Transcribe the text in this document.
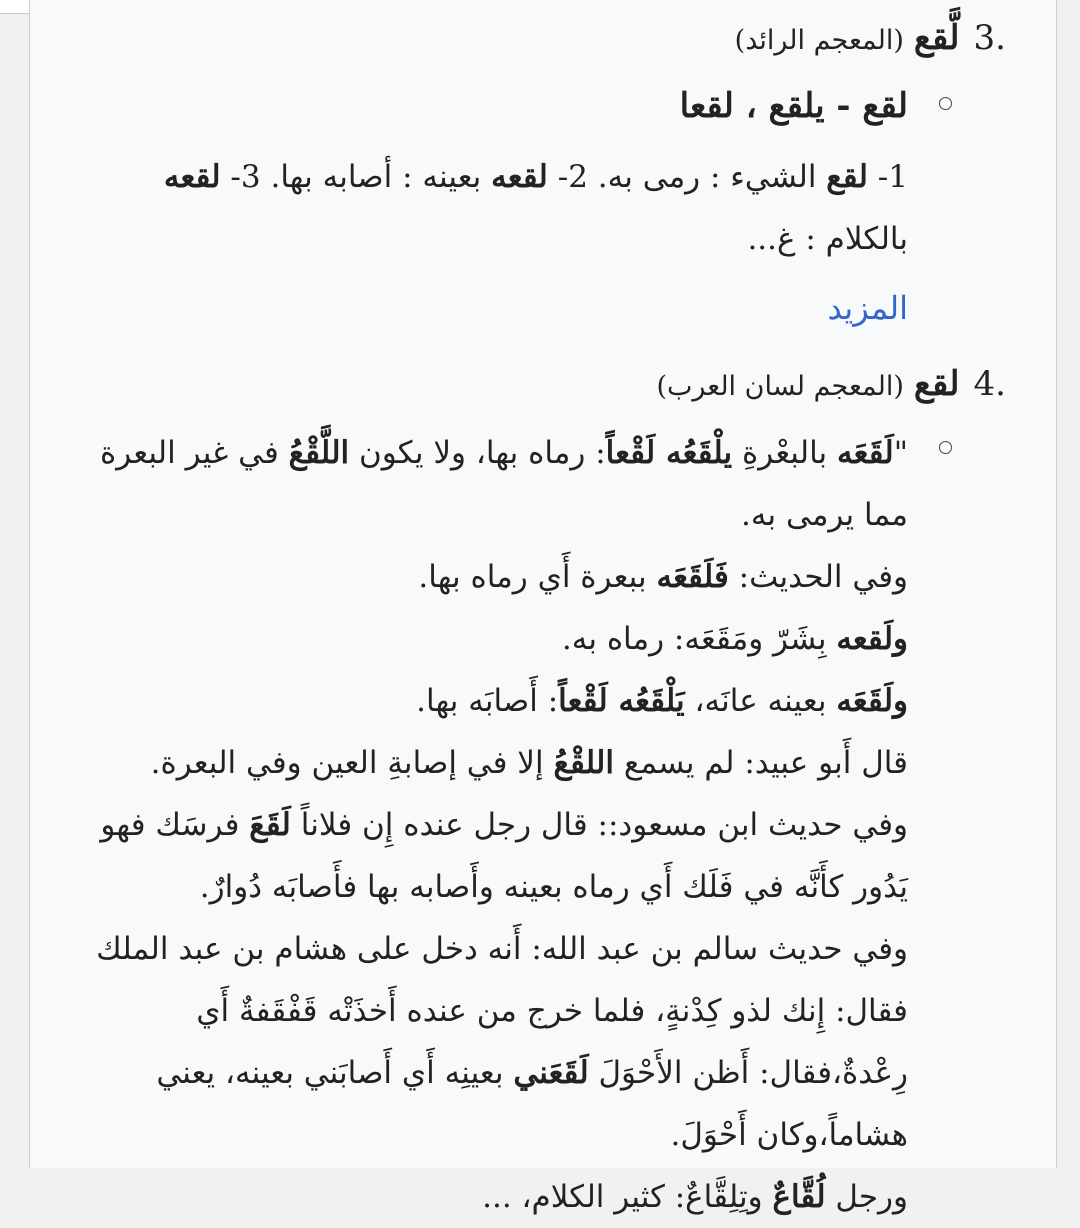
3.لَّقع(المعجم الرائد)
لقع - يلقع ، لقعا

1- لقع الشيء : رمى به. 2- لقعه بعينه : أصابه بها. 3- لقعه بالكلام : غ...

المزيد
4.لقع(المعجم لسان العرب)

"لَقَعَه بالبعْرةِ يلْقَعُه لَقْعاً: رماه بها، ولا يكون اللَّقْعُ في غير البعرة مما يرمى به.

وفي الحديث: فَلَقَعَه ببعرة أَي رماه بها.

ولَقعه بِشَرّ ومَقَعَه: رماه به.

ولَقَعَه بعينه عانَه، يَلْقَعُه لَقْعاً: أَصابَه بها.

قال أَبو عبيد: لم يسمع اللقْعُ إلا في إصابةِ العين وفي البعرة.

وفي حديث ابن مسعود:: قال رجل عنده إِن فلاناً لَقَعَ فرسَك فهو يَدُور كأَنَّه في فَلَك أَي رماه بعينه وأَصابه بها فأَصابَه دُوارٌ.

وفي حديث سالم بن عبد الله: أَنه دخل على هشام بن عبد الملك فقال: إِنك لذو كِدْنةٍ، فلما خرج من عنده أَخذَتْه قَفْقَفةٌ أَي رِعْدةٌ،فقال: أَظن الأَحْوَلَ لَقَعَني بعينِه أَي أَصابَني بعينه، يعني هشاماً،وكان أَحْوَلَ.

ورجل لُقَّاعٌ وتِلِقَّاعٌ: كثير الكلام، ...
